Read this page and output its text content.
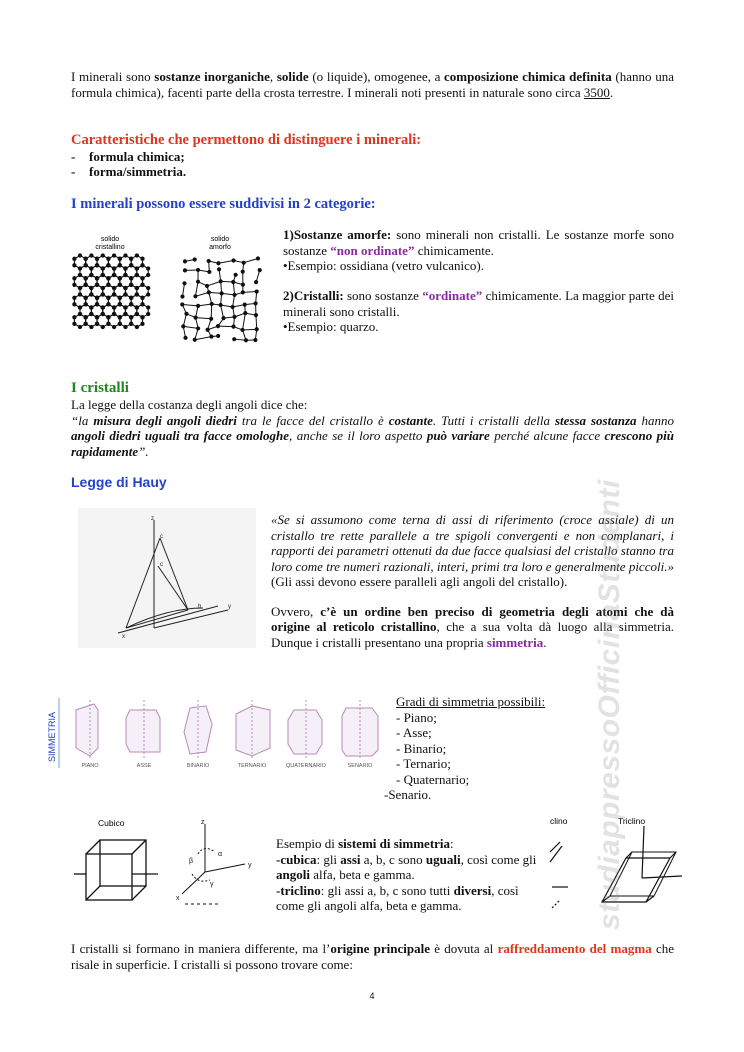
I minerali sono sostanze inorganiche, solide (o liquide), omogenee, a composizione chimica definita (hanno una formula chimica), facenti parte della crosta terrestre. I minerali noti presenti in naturale sono circa 3500.
Caratteristiche che permettono di distinguere i minerali:
- formula chimica;
- forma/simmetria.
I minerali possono essere suddivisi in 2 categorie:
solido
cristallino
solido
amorfo
1)Sostanze amorfe: sono minerali non cristalli. Le sostanze morfe sono sostanze “non ordinate” chimicamente.
•Esempio: ossidiana (vetro vulcanico).
2)Cristalli: sono sostanze “ordinate” chimicamente. La maggior parte dei minerali sono cristalli.
•Esempio: quarzo.
I cristalli
La legge della costanza degli angoli dice che:
“la misura degli angoli diedri tra le facce del cristallo è costante. Tutti i cristalli della stessa sostanza hanno angoli diedri uguali tra facce omologhe, anche se il loro aspetto può variare perché alcune facce crescono più rapidamente”.
Legge di Hauy
z
c
c
x
y
b
«Se si assumono come terna di assi di riferimento (croce assiale) di un cristallo tre rette parallele a tre spigoli convergenti e non complanari, i rapporti dei parametri ottenuti da due facce qualsiasi del cristallo stanno tra loro come tre numeri razionali, interi, primi tra loro e generalmente piccoli.»
(Gli assi devono essere paralleli agli angoli del cristallo).
Ovvero, c’è un ordine ben preciso di geometria degli atomi che dà origine al reticolo cristallino, che a sua volta dà luogo alla simmetria. Dunque i cristalli presentano una propria simmetria.
SIMMETRIA
PIANO	ASSE	BINARIO	TERNARIO	QUATERNARIO	SENARIO
Gradi di simmetria possibili:
- Piano;
- Asse;
- Binario;
- Ternario;
- Quaternario;
-Senario.
Cubico	z
y
x
α
β
γ
Esempio di sistemi di simmetria:
-cubica: gli assi a, b, c sono uguali, così come gli angoli alfa, beta e gamma.
-triclino: gli assi a, b, c sono tutti diversi, così come gli angoli alfa, beta e gamma.
clino	Triclino
I cristalli si formano in maniera differente, ma l’origine principale è dovuta al raffreddamento del magma che risale in superficie. I cristalli si possono trovare come:
4
studiappressoOfficinaStudenti
